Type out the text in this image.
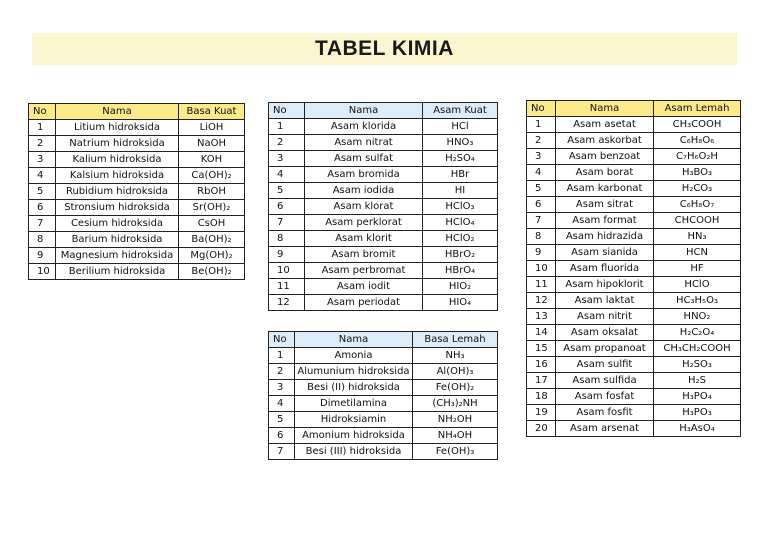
TABEL KIMIA
No	Nama	Basa Kuat
1	Litium hidroksida	LiOH
2	Natrium hidroksida	NaOH
3	Kalium hidroksida	KOH
4	Kalsium hidroksida	Ca(OH)₂
5	Rubidium hidroksida	RbOH
6	Stronsium hidroksida	Sr(OH)₂
7	Cesium hidroksida	CsOH
8	Barium hidroksida	Ba(OH)₂
9	Magnesium hidroksida	Mg(OH)₂
10	Berilium hidroksida	Be(OH)₂
No	Nama	Asam Kuat
1	Asam klorida	HCl
2	Asam nitrat	HNO₃
3	Asam sulfat	H₂SO₄
4	Asam bromida	HBr
5	Asam iodida	HI
6	Asam klorat	HClO₃
7	Asam perklorat	HClO₄
8	Asam klorit	HClO₂
9	Asam bromit	HBrO₂
10	Asam perbromat	HBrO₄
11	Asam iodit	HIO₂
12	Asam periodat	HIO₄
No	Nama	Basa Lemah
1	Amonia	NH₃
2	Alumunium hidroksida	Al(OH)₃
3	Besi (II) hidroksida	Fe(OH)₂
4	Dimetilamina	(CH₃)₂NH
5	Hidroksiamin	NH₂OH
6	Amonium hidroksida	NH₄OH
7	Besi (III) hidroksida	Fe(OH)₃
No	Nama	Asam Lemah
1	Asam asetat	CH₃COOH
2	Asam askorbat	C₆H₈O₆
3	Asam benzoat	C₇H₆O₂H
4	Asam borat	H₃BO₃
5	Asam karbonat	H₂CO₃
6	Asam sitrat	C₆H₈O₇
7	Asam format	CHCOOH
8	Asam hidrazida	HN₃
9	Asam sianida	HCN
10	Asam fluorida	HF
11	Asam hipoklorit	HClO
12	Asam laktat	HC₃H₅O₃
13	Asam nitrit	HNO₂
14	Asam oksalat	H₂C₂O₄
15	Asam propanoat	CH₃CH₂COOH
16	Asam sulfit	H₂SO₃
17	Asam sulfida	H₂S
18	Asam fosfat	H₃PO₄
19	Asam fosfit	H₃PO₃
20	Asam arsenat	H₃AsO₄
